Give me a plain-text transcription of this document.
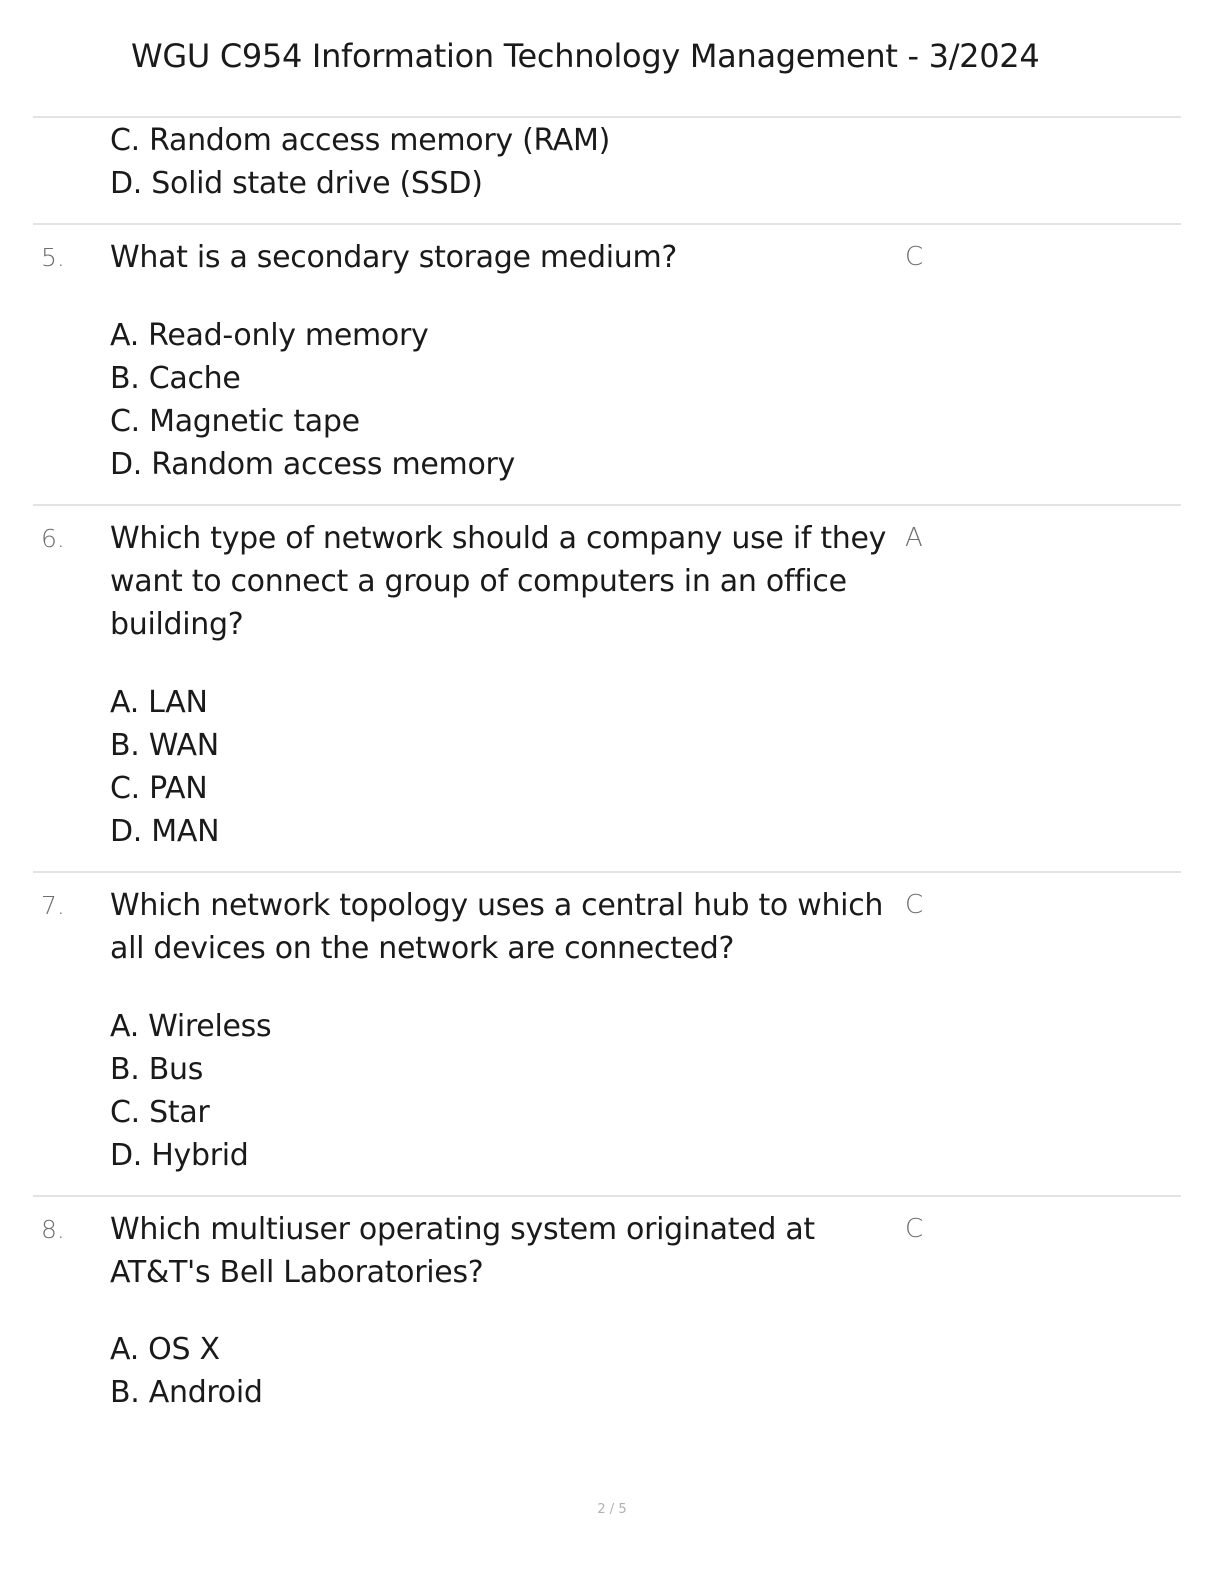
WGU C954 Information Technology Management - 3/2024
C. Random access memory (RAM)
D. Solid state drive (SSD)
5. What is a secondary storage medium?	C
A. Read-only memory
B. Cache
C. Magnetic tape
D. Random access memory
6. Which type of network should a company use if they
want to connect a group of computers in an office
building?
A
A. LAN
B. WAN
C. PAN
D. MAN
7. Which network topology uses a central hub to which
all devices on the network are connected?
C
A. Wireless
B. Bus
C. Star
D. Hybrid
8. Which multiuser operating system originated at
AT&T's Bell Laboratories?
C
A. OS X
B. Android
2 / 5
